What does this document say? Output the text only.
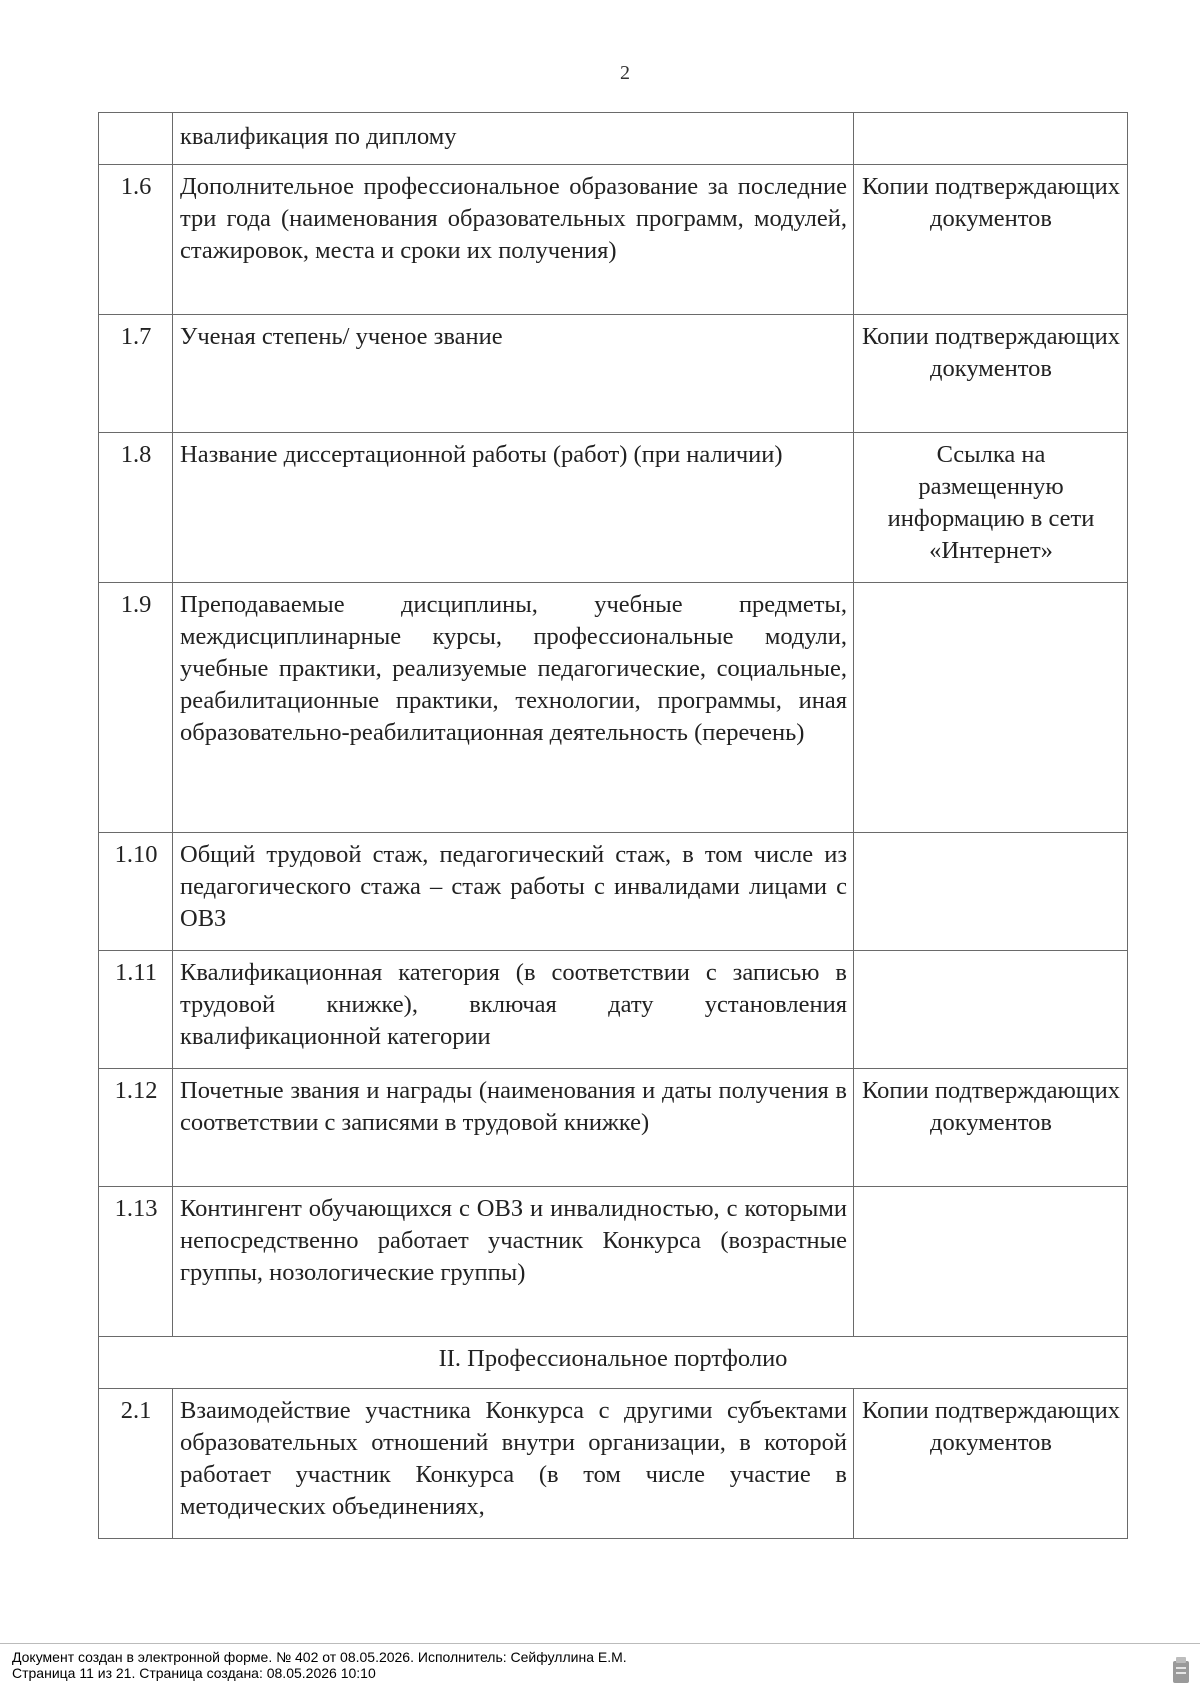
2
	квалификация по диплому	
1.6	Дополнительное профессиональное образование за последние три года (наименования образовательных программ, модулей, стажировок, места и сроки их получения)	Копии подтверждающих документов
1.7	Ученая степень/ ученое звание	Копии подтверждающих документов
1.8	Название диссертационной работы (работ) (при наличии)	Ссылка на размещенную информацию в сети «Интернет»
1.9	Преподаваемые дисциплины, учебные предметы, междисциплинарные курсы, профессиональные модули, учебные практики, реализуемые педагогические, социальные, реабилитационные практики, технологии, программы, иная образовательно-реабилитационная деятельность (перечень)	
1.10	Общий трудовой стаж, педагогический стаж, в том числе из педагогического стажа – стаж работы с инвалидами лицами с ОВЗ	
1.11	Квалификационная категория (в соответствии с записью в трудовой книжке), включая дату установления квалификационной категории	
1.12	Почетные звания и награды (наименования и даты получения в соответствии с записями в трудовой книжке)	Копии подтверждающих документов
1.13	Контингент обучающихся с ОВЗ и инвалидностью, с которыми непосредственно работает участник Конкурса (возрастные группы, нозологические группы)	
II. Профессиональное портфолио		
2.1	Взаимодействие участника Конкурса с другими субъектами образовательных отношений внутри организации, в которой работает участник Конкурса (в том числе участие в методических объединениях,	Копии подтверждающих документов
Документ создан в электронной форме. № 402 от 08.05.2026. Исполнитель: Сейфуллина Е.М.
Страница 11 из 21. Страница создана: 08.05.2026 10:10
